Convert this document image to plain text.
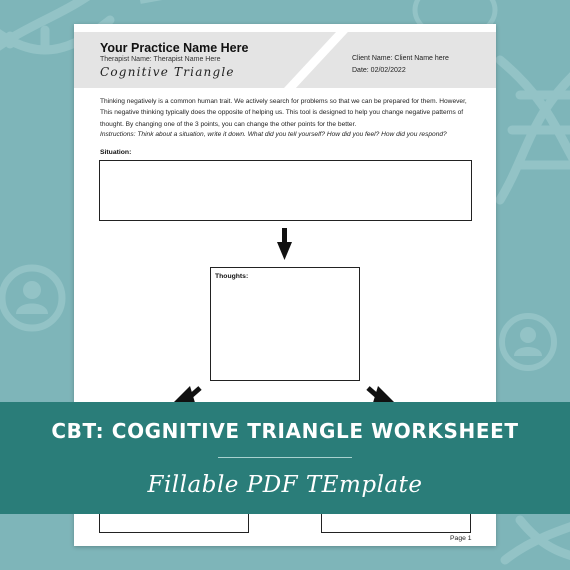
Your Practice Name Here
Therapist Name: Therapist Name Here
Cognitive Triangle
Client Name: Client Name here
Date: 02/02/2022
Thinking negatively is a common human trait. We actively search for problems so that we can be prepared for them. However, This negative thinking typically does the opposite of helping us. This tool is designed to help you change negative patterns of thought. By changing one of the 3 points, you can change the other points for the better.
Instructions: Think about a situation, write it down. What did you tell yourself? How did you feel? How did you respond?
Situation:
Thoughts:
Page 1
CBT: COGNITIVE TRIANGLE WORKSHEET
Fillable PDF TEmplate
